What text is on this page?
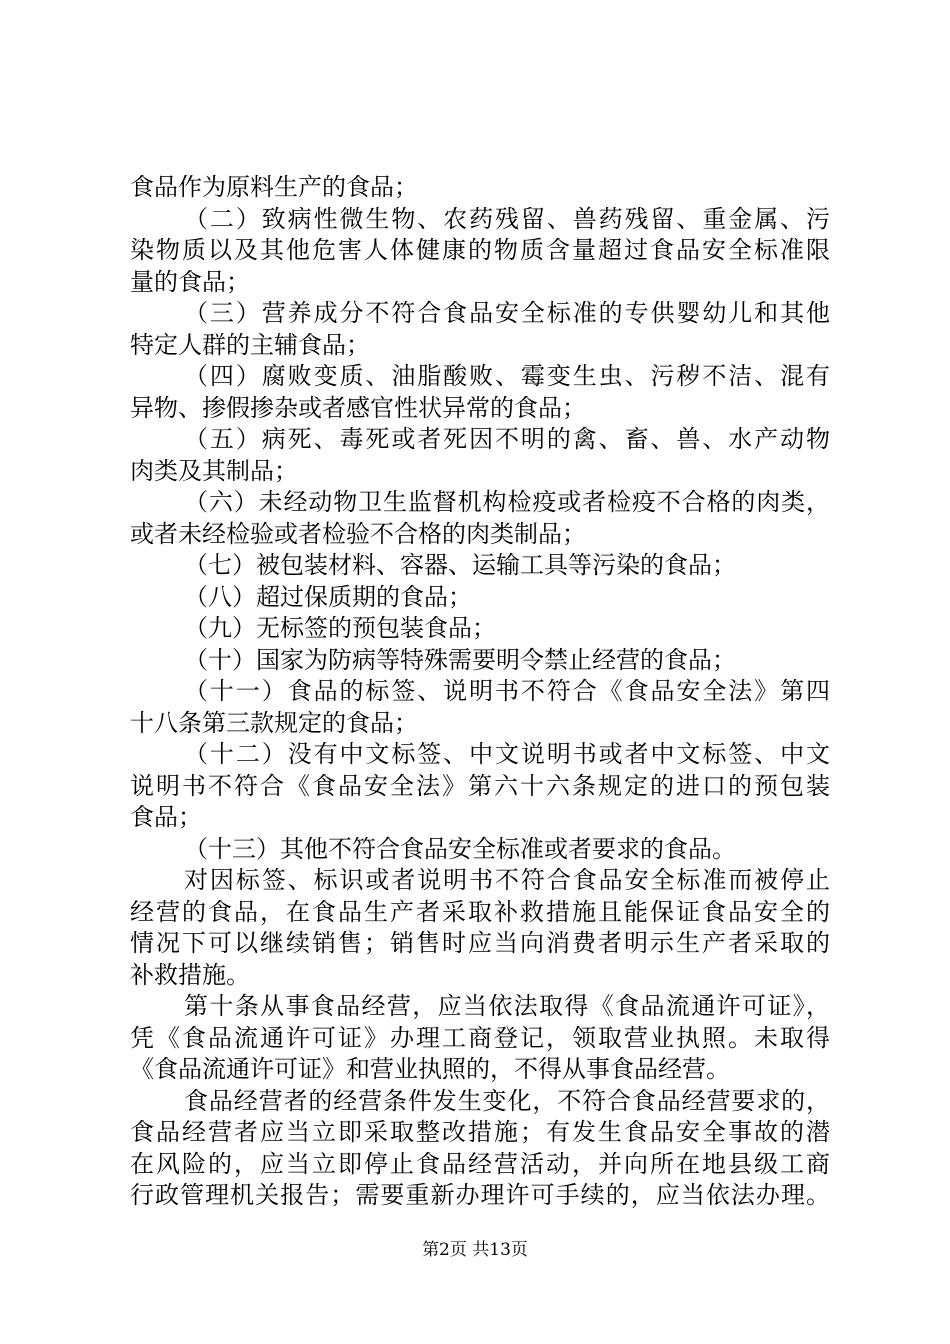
食品作为原料生产的食品；
（二）致病性微生物、农药残留、兽药残留、重金属、污
染物质以及其他危害人体健康的物质含量超过食品安全标准限
量的食品；
（三）营养成分不符合食品安全标准的专供婴幼儿和其他
特定人群的主辅食品；
（四）腐败变质、油脂酸败、霉变生虫、污秽不洁、混有
异物、掺假掺杂或者感官性状异常的食品；
（五）病死、毒死或者死因不明的禽、畜、兽、水产动物
肉类及其制品；
（六）未经动物卫生监督机构检疫或者检疫不合格的肉类，
或者未经检验或者检验不合格的肉类制品；
（七）被包装材料、容器、运输工具等污染的食品；
（八）超过保质期的食品；
（九）无标签的预包装食品；
（十）国家为防病等特殊需要明令禁止经营的食品；
（十一）食品的标签、说明书不符合《食品安全法》第四
十八条第三款规定的食品；
（十二）没有中文标签、中文说明书或者中文标签、中文
说明书不符合《食品安全法》第六十六条规定的进口的预包装
食品；
（十三）其他不符合食品安全标准或者要求的食品。
对因标签、标识或者说明书不符合食品安全标准而被停止
经营的食品，在食品生产者采取补救措施且能保证食品安全的
情况下可以继续销售；销售时应当向消费者明示生产者采取的
补救措施。
第十条从事食品经营，应当依法取得《食品流通许可证》，
凭《食品流通许可证》办理工商登记，领取营业执照。未取得
《食品流通许可证》和营业执照的，不得从事食品经营。
食品经营者的经营条件发生变化，不符合食品经营要求的，
食品经营者应当立即采取整改措施；有发生食品安全事故的潜
在风险的，应当立即停止食品经营活动，并向所在地县级工商
行政管理机关报告；需要重新办理许可手续的，应当依法办理。
第2页 共13页
